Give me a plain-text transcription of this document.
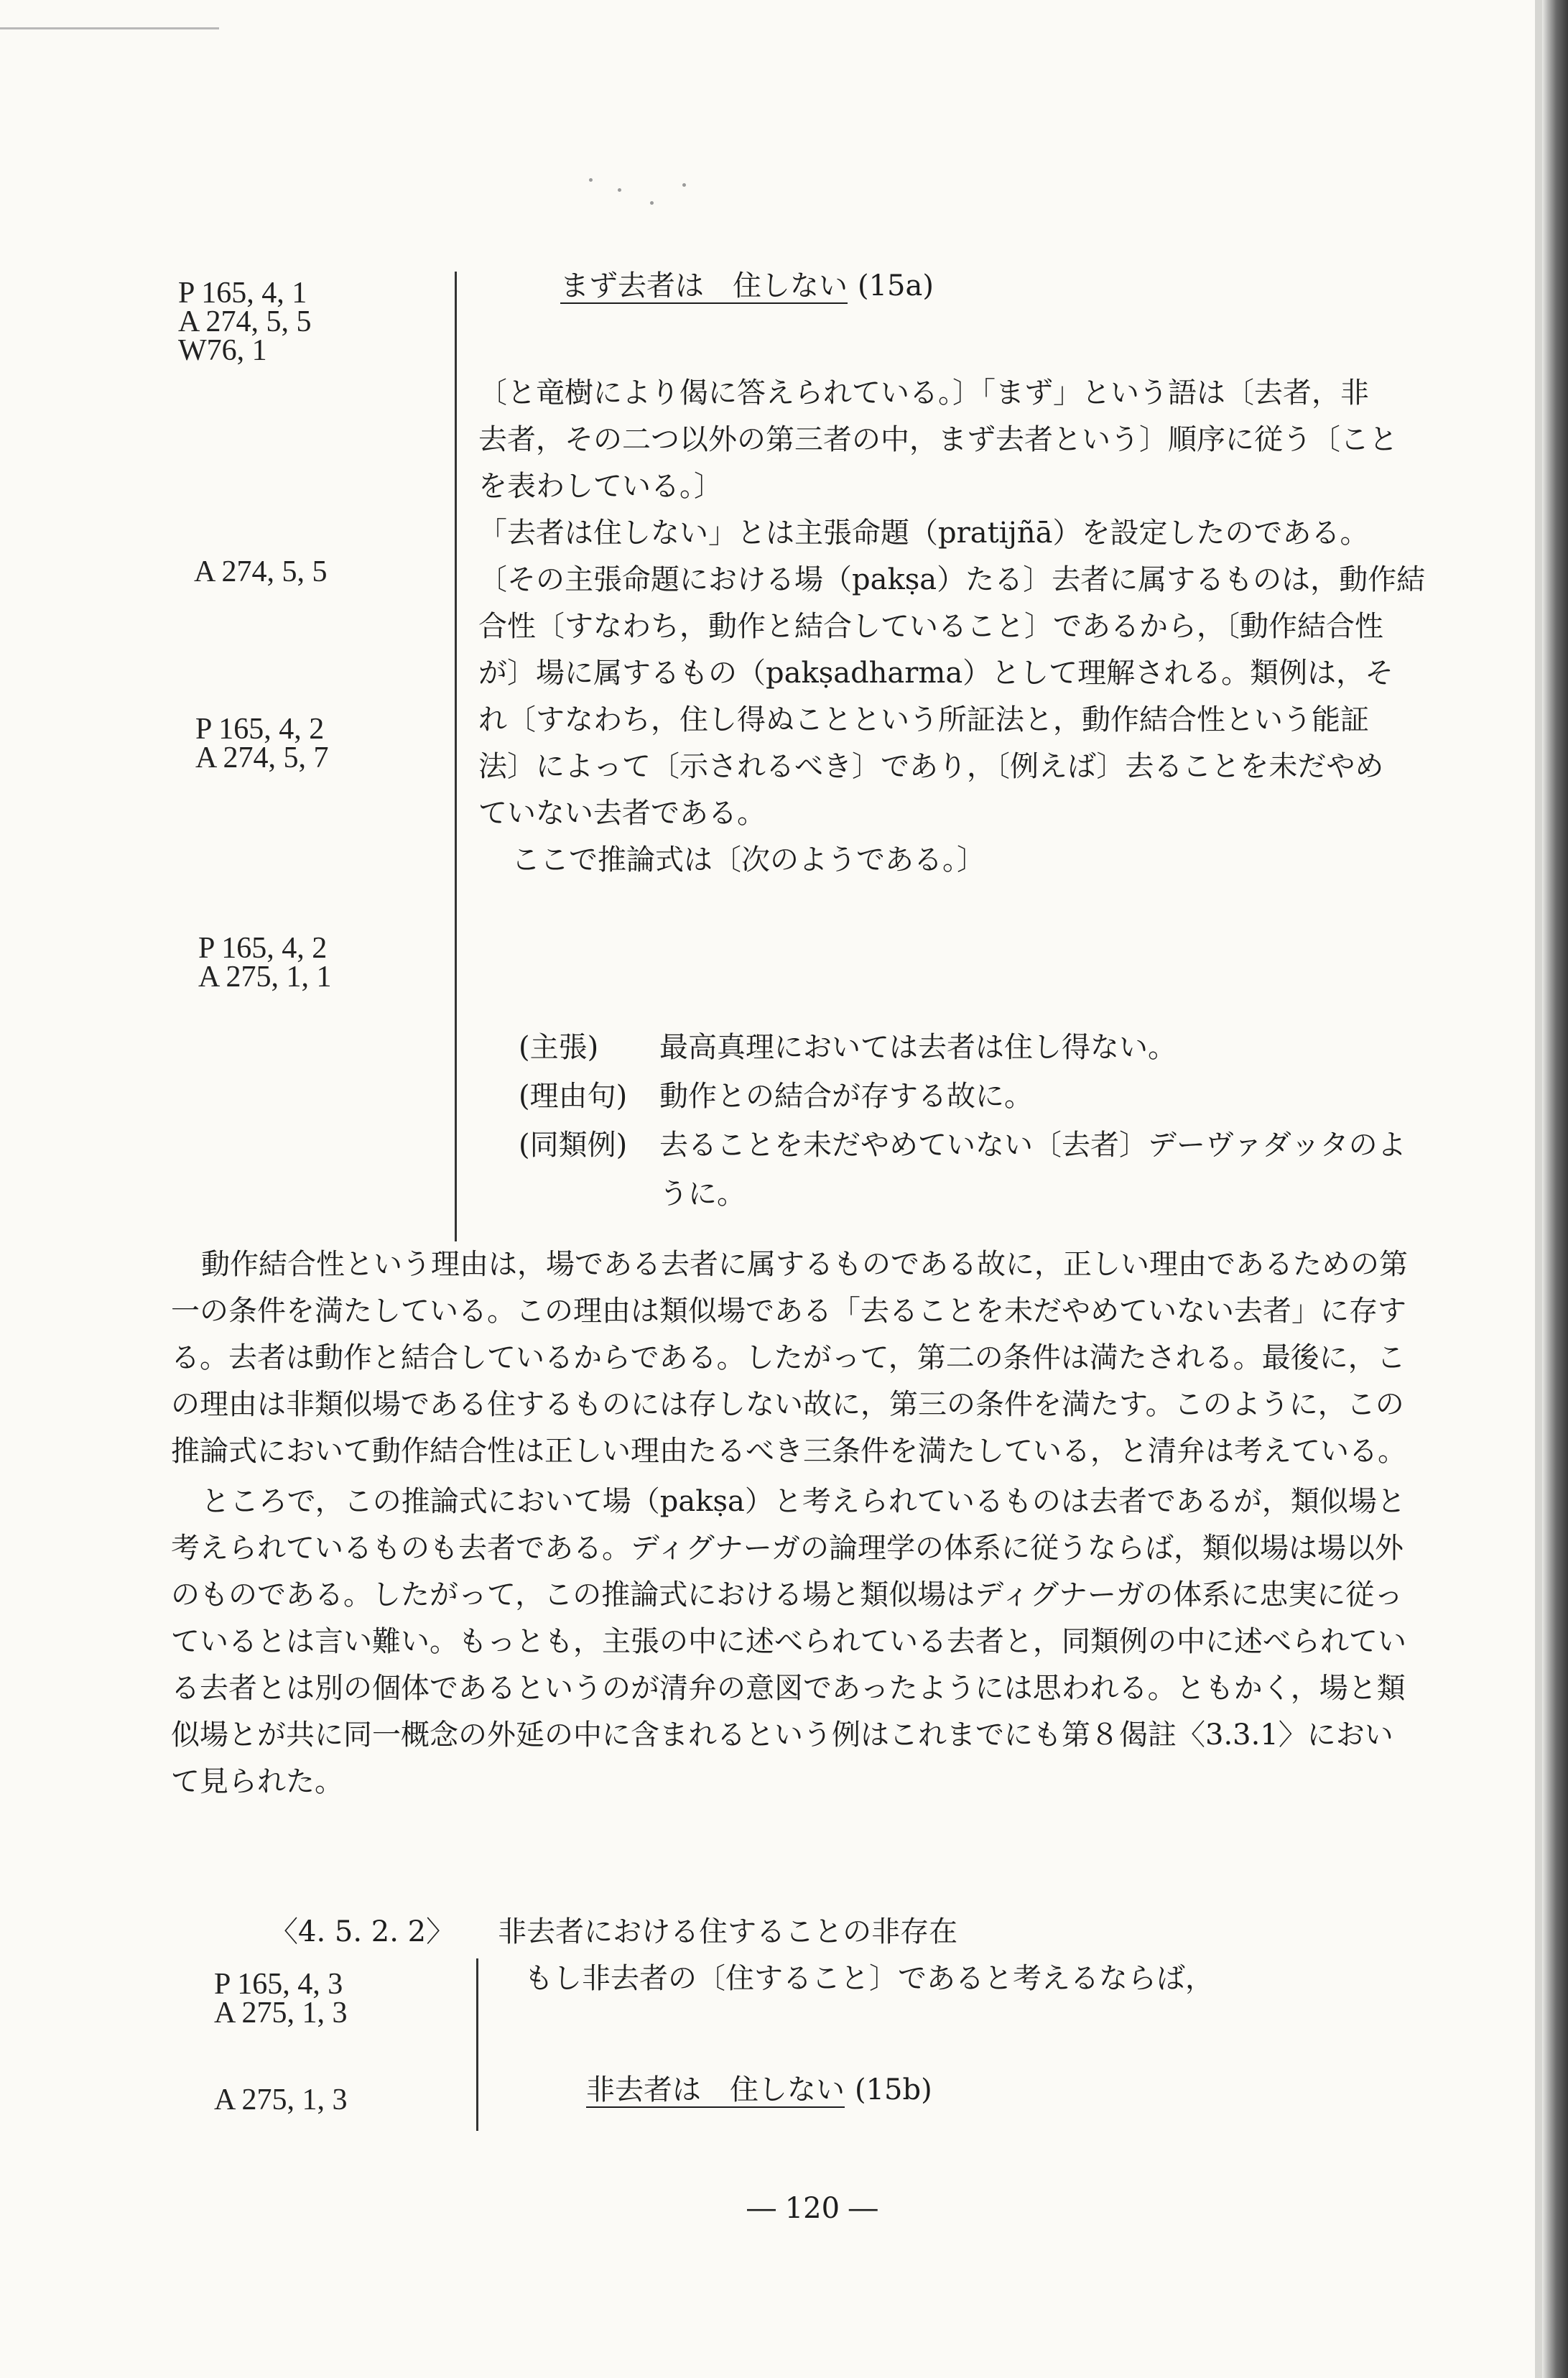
P 165, 4, 1
A 274, 5, 5
W76, 1
A 274, 5, 5
P 165, 4, 2
A 274, 5, 7
P 165, 4, 2
A 275, 1, 1
まず去者は　住しない (15a)
〔と竜樹により偈に答えられている。〕「まず」という語は〔去者，非
去者，その二つ以外の第三者の中，まず去者という〕順序に従う〔こと
を表わしている。〕
「去者は住しない」とは主張命題（pratijñā）を設定したのである。
〔その主張命題における場（pakṣa）たる〕去者に属するものは，動作結
合性〔すなわち，動作と結合していること〕であるから，〔動作結合性
が〕場に属するもの（pakṣadharma）として理解される。類例は，そ
れ〔すなわち，住し得ぬことという所証法と，動作結合性という能証
法〕によって〔示されるべき〕であり，〔例えば〕去ることを未だやめ
ていない去者である。
ここで推論式は〔次のようである。〕
(主張) 最高真理においては去者は住し得ない。
(理由句) 動作との結合が存する故に。
(同類例) 去ることを未だやめていない〔去者〕デーヴァダッタのよ
うに。
動作結合性という理由は，場である去者に属するものである故に，正しい理由であるための第
一の条件を満たしている。この理由は類似場である「去ることを未だやめていない去者」に存す
る。去者は動作と結合しているからである。したがって，第二の条件は満たされる。最後に，こ
の理由は非類似場である住するものには存しない故に，第三の条件を満たす。このように，この
推論式において動作結合性は正しい理由たるべき三条件を満たしている，と清弁は考えている。
ところで，この推論式において場（pakṣa）と考えられているものは去者であるが，類似場と
考えられているものも去者である。ディグナーガの論理学の体系に従うならば，類似場は場以外
のものである。したがって，この推論式における場と類似場はディグナーガの体系に忠実に従っ
ているとは言い難い。もっとも，主張の中に述べられている去者と，同類例の中に述べられてい
る去者とは別の個体であるというのが清弁の意図であったようには思われる。ともかく，場と類
似場とが共に同一概念の外延の中に含まれるという例はこれまでにも第８偈註〈3.3.1〉におい
て見られた。
〈4. 5. 2. 2〉 非去者における住することの非存在
P 165, 4, 3
A 275, 1, 3
A 275, 1, 3
もし非去者の〔住すること〕であると考えるならば，
非去者は　住しない (15b)
― 120 ―
